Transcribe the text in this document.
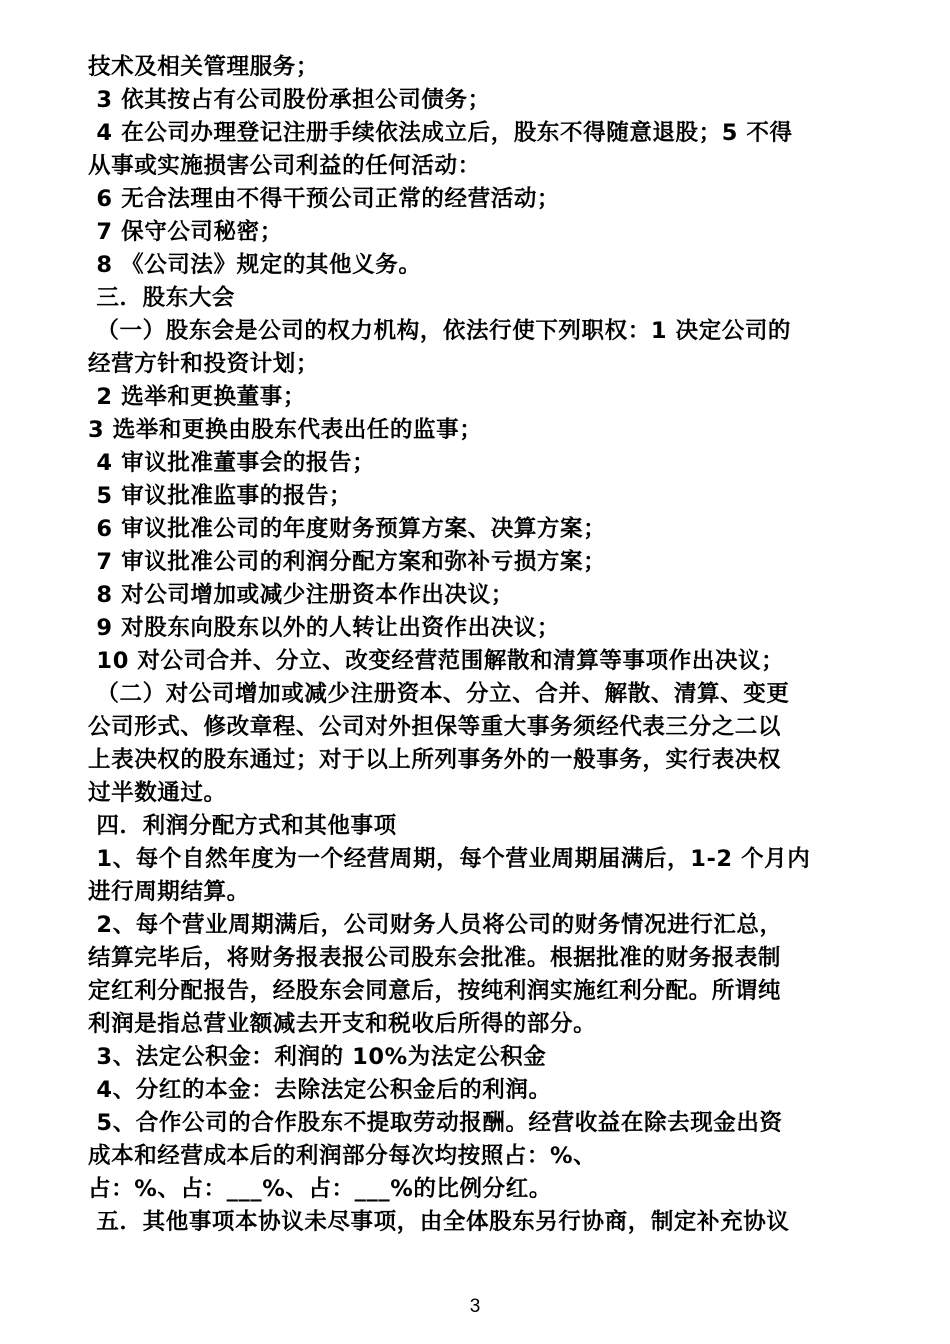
技术及相关管理服务；
3 依其按占有公司股份承担公司债务；
4 在公司办理登记注册手续依法成立后，股东不得随意退股；5 不得
从事或实施损害公司利益的任何活动：
6 无合法理由不得干预公司正常的经营活动；
7 保守公司秘密；
8 《公司法》规定的其他义务。
三．股东大会
（一）股东会是公司的权力机构，依法行使下列职权：1 决定公司的
经营方针和投资计划；
2 选举和更换董事；
3 选举和更换由股东代表出任的监事；
4 审议批准董事会的报告；
5 审议批准监事的报告；
6 审议批准公司的年度财务预算方案、决算方案；
7 审议批准公司的利润分配方案和弥补亏损方案；
8 对公司增加或减少注册资本作出决议；
9 对股东向股东以外的人转让出资作出决议；
10 对公司合并、分立、改变经营范围解散和清算等事项作出决议；
（二）对公司增加或减少注册资本、分立、合并、解散、清算、变更
公司形式、修改章程、公司对外担保等重大事务须经代表三分之二以
上表决权的股东通过；对于以上所列事务外的一般事务，实行表决权
过半数通过。
四．利润分配方式和其他事项
1、每个自然年度为一个经营周期，每个营业周期届满后，1-2 个月内
进行周期结算。
2、每个营业周期满后，公司财务人员将公司的财务情况进行汇总，
结算完毕后，将财务报表报公司股东会批准。根据批准的财务报表制
定红利分配报告，经股东会同意后，按纯利润实施红利分配。所谓纯
利润是指总营业额减去开支和税收后所得的部分。
3、法定公积金：利润的 10%为法定公积金
4、分红的本金：去除法定公积金后的利润。
5、合作公司的合作股东不提取劳动报酬。经营收益在除去现金出资
成本和经营成本后的利润部分每次均按照占：%、
占：%、占：___%、占：___%的比例分红。
五．其他事项本协议未尽事项，由全体股东另行协商，制定补充协议
3
